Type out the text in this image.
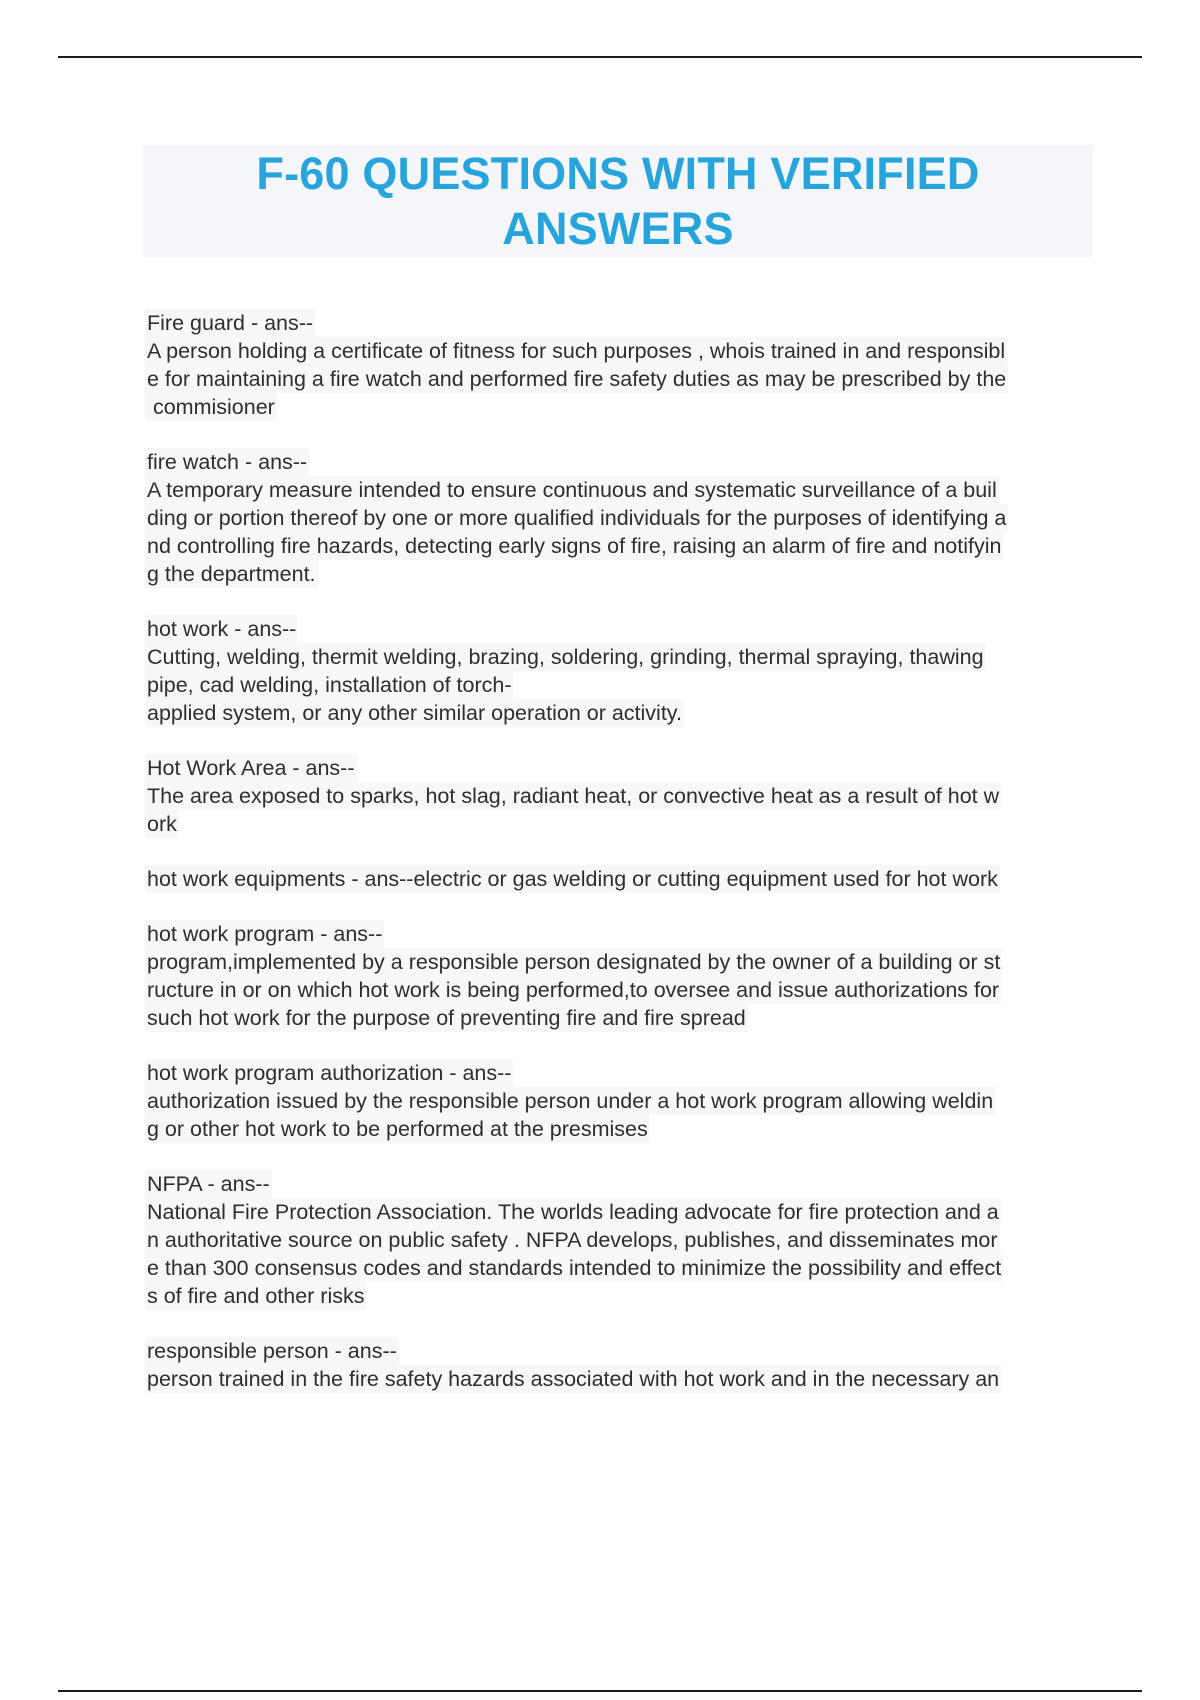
F-60 QUESTIONS WITH VERIFIED
ANSWERS
Fire guard - ans--
A person holding a certificate of fitness for such purposes , whois trained in and responsibl
e for maintaining a fire watch and performed fire safety duties as may be prescribed by the
commisioner
fire watch - ans--
A temporary measure intended to ensure continuous and systematic surveillance of a buil
ding or portion thereof by one or more qualified individuals for the purposes of identifying a
nd controlling fire hazards, detecting early signs of fire, raising an alarm of fire and notifyin
g the department.
hot work - ans--
Cutting, welding, thermit welding, brazing, soldering, grinding, thermal spraying, thawing
pipe, cad welding, installation of torch-
applied system, or any other similar operation or activity.
Hot Work Area - ans--
The area exposed to sparks, hot slag, radiant heat, or convective heat as a result of hot w
ork
hot work equipments - ans--electric or gas welding or cutting equipment used for hot work
hot work program - ans--
program,implemented by a responsible person designated by the owner of a building or st
ructure in or on which hot work is being performed,to oversee and issue authorizations for
such hot work for the purpose of preventing fire and fire spread
hot work program authorization - ans--
authorization issued by the responsible person under a hot work program allowing weldin
g or other hot work to be performed at the presmises
NFPA - ans--
National Fire Protection Association. The worlds leading advocate for fire protection and a
n authoritative source on public safety . NFPA develops, publishes, and disseminates mor
e than 300 consensus codes and standards intended to minimize the possibility and effect
s of fire and other risks
responsible person - ans--
person trained in the fire safety hazards associated with hot work and in the necessary an
